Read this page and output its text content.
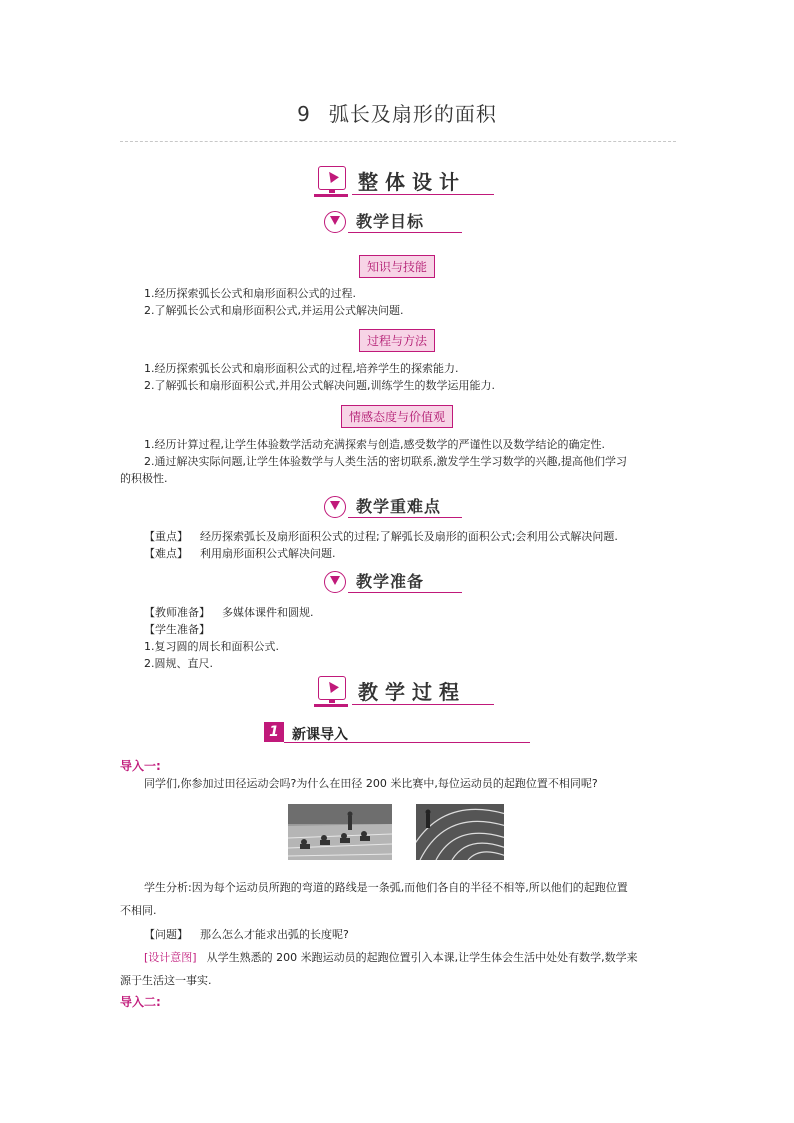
9 弧长及扇形的面积
整体设计
教学目标
知识与技能
1.经历探索弧长公式和扇形面积公式的过程.
2.了解弧长公式和扇形面积公式,并运用公式解决问题.
过程与方法
1.经历探索弧长公式和扇形面积公式的过程,培养学生的探索能力.
2.了解弧长和扇形面积公式,并用公式解决问题,训练学生的数学运用能力.
情感态度与价值观
1.经历计算过程,让学生体验数学活动充满探索与创造,感受数学的严谨性以及数学结论的确定性.
2.通过解决实际问题,让学生体验数学与人类生活的密切联系,激发学生学习数学的兴趣,提高他们学习
的积极性.
教学重难点
【重点】 经历探索弧长及扇形面积公式的过程;了解弧长及扇形的面积公式;会利用公式解决问题.
【难点】 利用扇形面积公式解决问题.
教学准备
【教师准备】 多媒体课件和圆规.
【学生准备】
1.复习圆的周长和面积公式.
2.圆规、直尺.
教学过程
1 新课导入
导入一:
同学们,你参加过田径运动会吗?为什么在田径 200 米比赛中,每位运动员的起跑位置不相同呢?
学生分析:因为每个运动员所跑的弯道的路线是一条弧,而他们各自的半径不相等,所以他们的起跑位置
不相同.
【问题】 那么怎么才能求出弧的长度呢?
[设计意图] 从学生熟悉的 200 米跑运动员的起跑位置引入本课,让学生体会生活中处处有数学,数学来
源于生活这一事实.
导入二:
